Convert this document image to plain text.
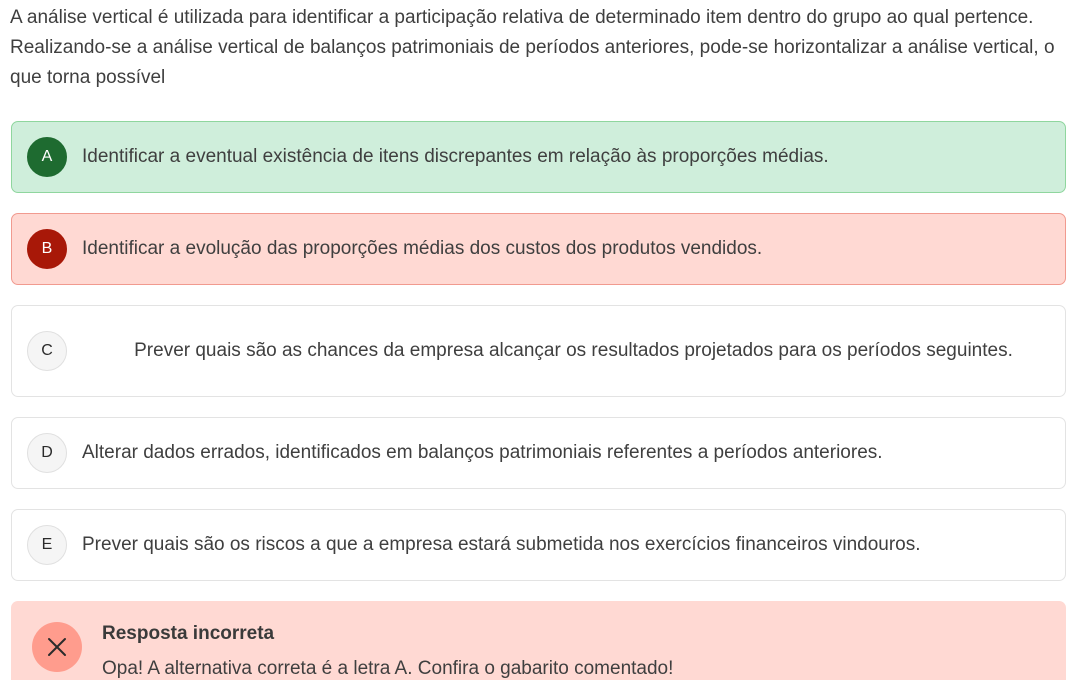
A análise vertical é utilizada para identificar a participação relativa de determinado item dentro do grupo ao qual pertence. Realizando-se a análise vertical de balanços patrimoniais de períodos anteriores, pode-se horizontalizar a análise vertical, o que torna possível

A	Identificar a eventual existência de itens discrepantes em relação às proporções médias.
B	Identificar a evolução das proporções médias dos custos dos produtos vendidos.
C	Prever quais são as chances da empresa alcançar os resultados projetados para os períodos seguintes.
D	Alterar dados errados, identificados em balanços patrimoniais referentes a períodos anteriores.
E	Prever quais são os riscos a que a empresa estará submetida nos exercícios financeiros vindouros.
Resposta incorreta
Opa! A alternativa correta é a letra A. Confira o gabarito comentado!
